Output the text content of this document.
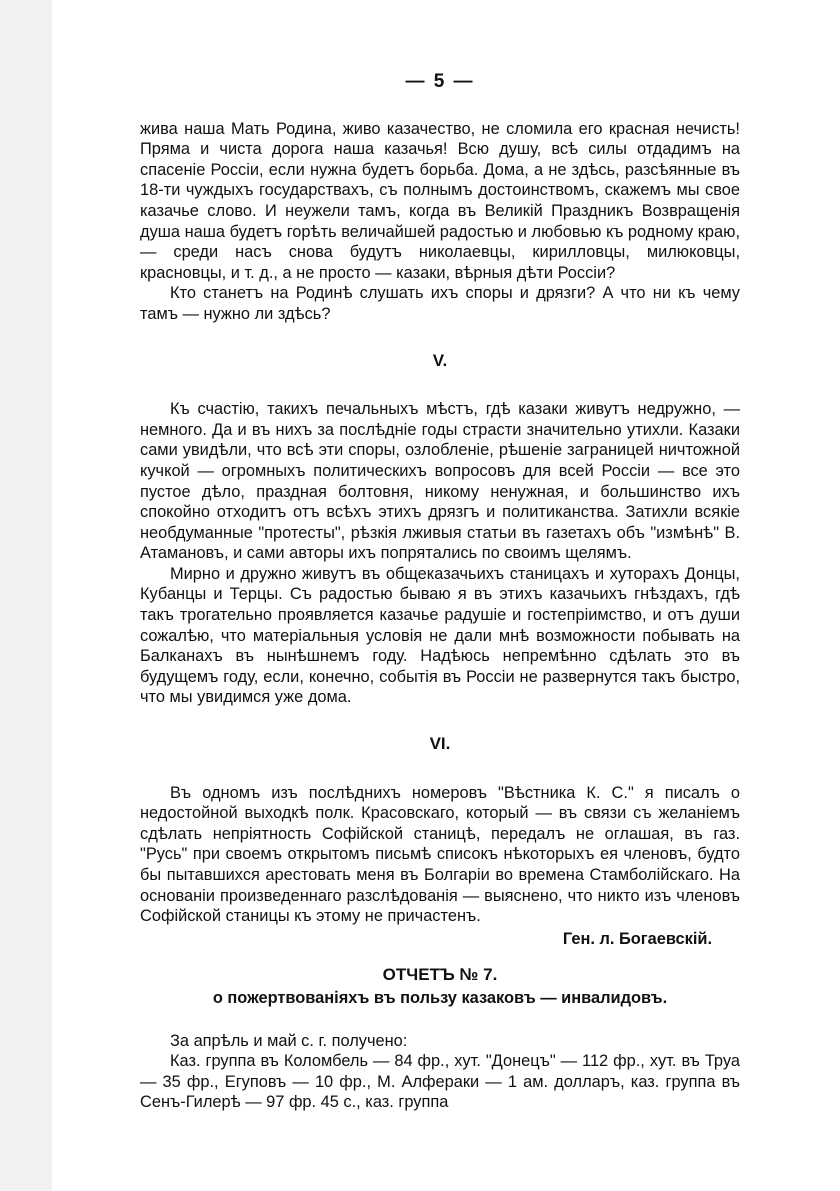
— 5 —

жива наша Мать Родина, живо казачество, не сломила его красная нечисть! Пряма и чиста дорога наша казачья! Всю душу, всѣ силы отдадимъ на спасеніе Россіи, если нужна будетъ борьба. Дома, а не здѣсь, разсѣянные въ 18-ти чуждыхъ государствахъ, съ полнымъ достоинствомъ, скажемъ мы свое казачье слово. И неужели тамъ, когда въ Великій Праздникъ Возвращенія душа наша будетъ горѣть величайшей радостью и любовью къ родному краю, — среди насъ снова будутъ николаевцы, кирилловцы, милюковцы, красновцы, и т. д., а не просто — казаки, вѣрныя дѣти Россіи?

Кто станетъ на Родинѣ слушать ихъ споры и дрязги? А что ни къ чему тамъ — нужно ли здѣсь?

V.

Къ счастію, такихъ печальныхъ мѣстъ, гдѣ казаки живутъ недружно, — немного. Да и въ нихъ за послѣдніе годы страсти значительно утихли. Казаки сами увидѣли, что всѣ эти споры, озлобленіе, рѣшеніе заграницей ничтожной кучкой — огромныхъ политическихъ вопросовъ для всей Россіи — все это пустое дѣло, праздная болтовня, никому ненужная, и большинство ихъ спокойно отходитъ отъ всѣхъ этихъ дрязгъ и политиканства. Затихли всякіе необдуманные "протесты", рѣзкія лживыя статьи въ газетахъ объ "измѣнѣ" В. Атамановъ, и сами авторы ихъ попрятались по своимъ щелямъ.

Мирно и дружно живутъ въ общеказачьихъ станицахъ и хуторахъ Донцы, Кубанцы и Терцы. Съ радостью бываю я въ этихъ казачьихъ гнѣздахъ, гдѣ такъ трогательно проявляется казачье радушіе и гостепріимство, и отъ души сожалѣю, что матеріальныя условія не дали мнѣ возможности побывать на Балканахъ въ нынѣшнемъ году. Надѣюсь непремѣнно сдѣлать это въ будущемъ году, если, конечно, событія въ Россіи не развернутся такъ быстро, что мы увидимся уже дома.

VI.

Въ одномъ изъ послѣднихъ номеровъ "Вѣстника К. С." я писалъ о недостойной выходкѣ полк. Красовскаго, который — въ связи съ желаніемъ сдѣлать непріятность Софійской станицѣ, передалъ не оглашая, въ газ. "Русь" при своемъ открытомъ письмѣ списокъ нѣкоторыхъ ея членовъ, будто бы пытавшихся арестовать меня въ Болгаріи во времена Стамболійскаго. На основаніи произведеннаго разслѣдованія — выяснено, что никто изъ членовъ Софійской станицы къ этому не причастенъ.

Ген. л. Богаевскій.
ОТЧЕТЪ № 7.
о пожертвованіяхъ въ пользу казаковъ — инвалидовъ.

За апрѣль и май с. г. получено:

Каз. группа въ Коломбель — 84 фр., хут. "Донецъ" — 112 фр., хут. въ Труа — 35 фр., Егуповъ — 10 фр., М. Алфераки — 1 ам. долларъ, каз. группа въ Сенъ-Гилерѣ — 97 фр. 45 с., каз. группа
